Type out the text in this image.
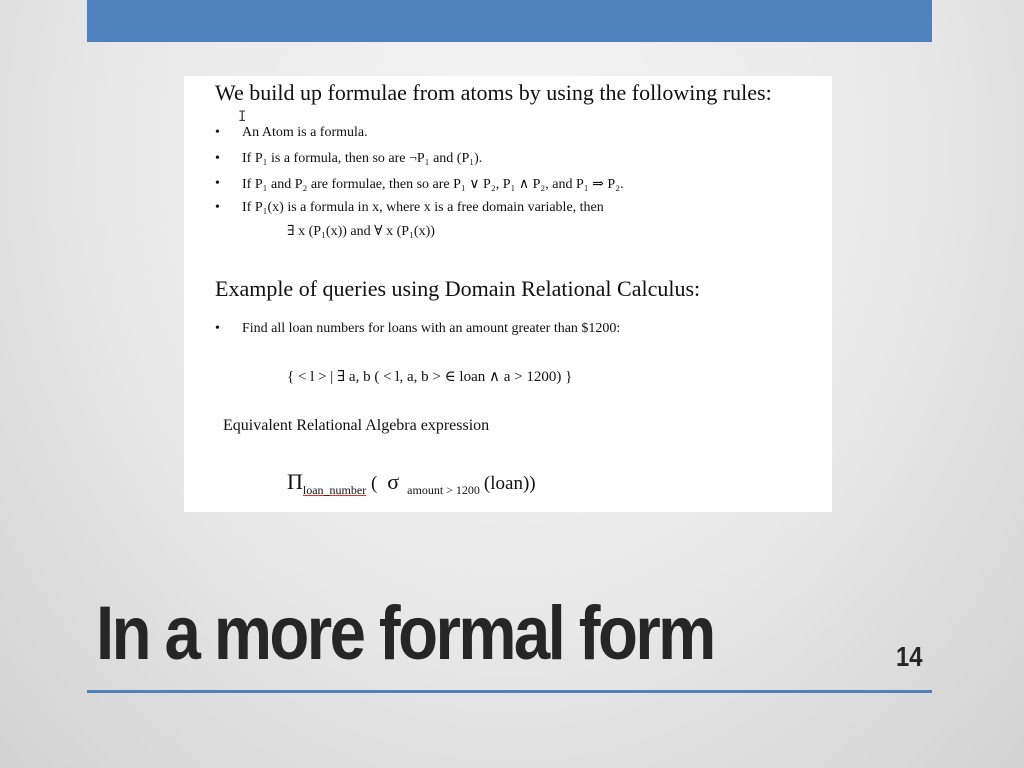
We build up formulae from atoms by using the following rules:
I
• An Atom is a formula.
• If P₁ is a formula, then so are ¬P₁ and (P₁).
• If P₁ and P₂ are formulae, then so are P₁ ∨ P₂, P₁ ∧ P₂, and P₁ ⇒ P₂.
• If P₁(x) is a formula in x, where x is a free domain variable, then
∃ x (P₁(x)) and ∀ x (P₁(x))
Example of queries using Domain Relational Calculus:
• Find all loan numbers for loans with an amount greater than $1200:
{ < l > | ∃ a, b ( < l, a, b > ∈ loan ∧ a > 1200) }
Equivalent Relational Algebra expression
$\Pi_{loan\_number}$ ( σ $_{amount > 1200}$ (loan))
In a more formal form	14
